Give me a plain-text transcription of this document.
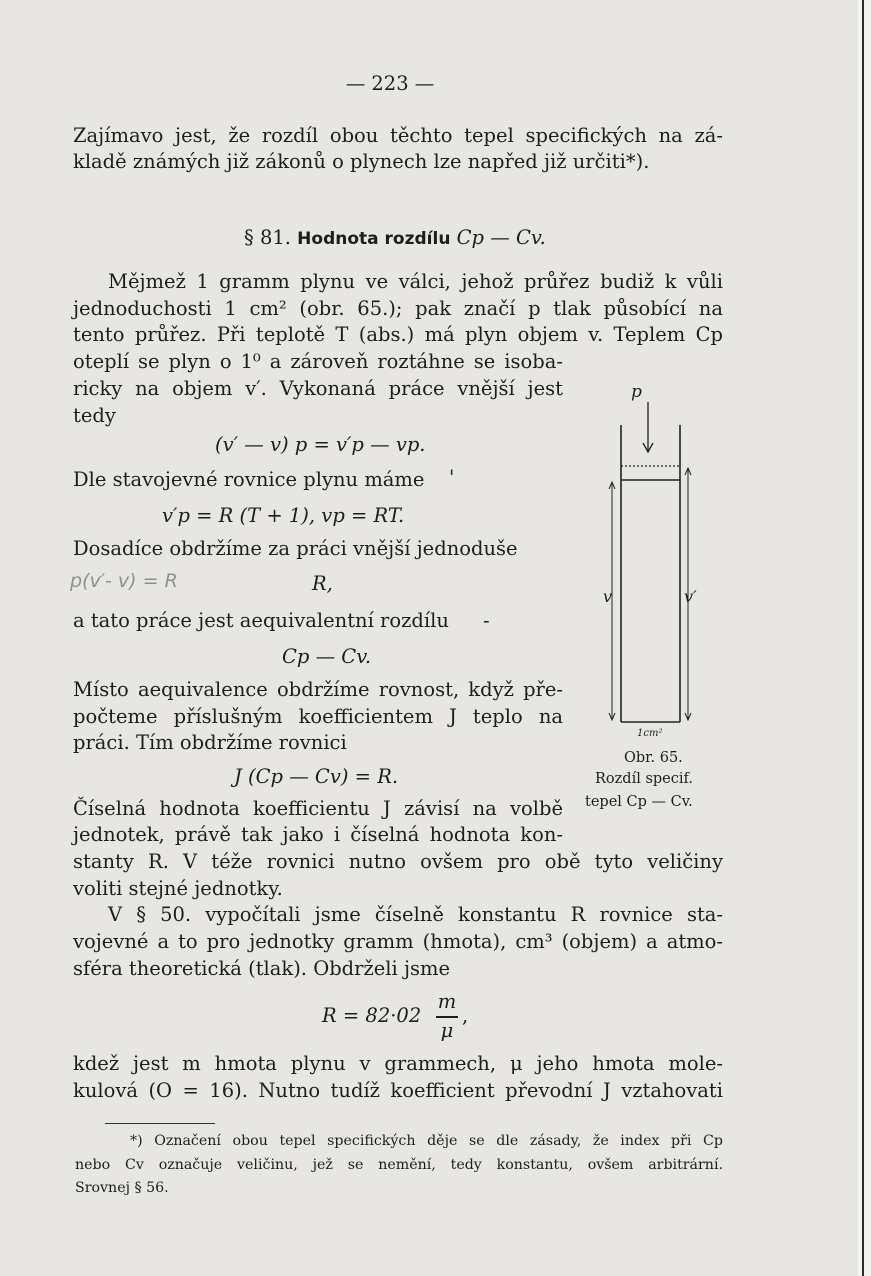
— 223 —
Zajímavo jest, že rozdíl obou těchto tepel specifických na zá-
kladě známých již zákonů o plynech lze napřed již určiti*).
§ 81. Hodnota rozdílu Cp — Cv.
Mějmež 1 gramm plynu ve válci, jehož průřez budiž k vůli
jednoduchosti 1 cm² (obr. 65.); pak značí p tlak působící na
tento průřez. Při teplotě T (abs.) má plyn objem v. Teplem Cp
oteplí se plyn o 1⁰ a zároveň roztáhne se isoba-
ricky na objem v′. Vykonaná práce vnější jest
tedy
(v′ — v) p = v′p — vp.
Dle stavojevné rovnice plynu máme '
v′p = R (T + 1), vp = RT.
Dosadíce obdržíme za práci vnější jednoduše
p(v′- v) = R	R,
a tato práce jest aequivalentní rozdílu -
Cp — Cv.
Místo aequivalence obdržíme rovnost, když pře-
počteme příslušným koefficientem J teplo na
práci. Tím obdržíme rovnici
J (Cp — Cv) = R.
Číselná hodnota koefficientu J závisí na volbě
jednotek, právě tak jako i číselná hodnota kon-
stanty R. V téže rovnici nutno ovšem pro obě tyto veličiny
voliti stejné jednotky.
V § 50. vypočítali jsme číselně konstantu R rovnice sta-
vojevné a to pro jednotky gramm (hmota), cm³ (objem) a atmo-
sféra theoretická (tlak). Obdrželi jsme
R = 82·02
m
μ
,
kdež jest m hmota plynu v grammech, μ jeho hmota mole-
kulová (O = 16). Nutno tudíž koefficient převodní J vztahovati
*) Označení obou tepel specifických děje se dle zásady, že index při Cp
nebo Cv označuje veličinu, jež se nemění, tedy konstantu, ovšem arbitrární.
Srovnej § 56.
p
v	v′
1cm²
Obr. 65.
Rozdíl specif.
tepel Cp — Cv.
